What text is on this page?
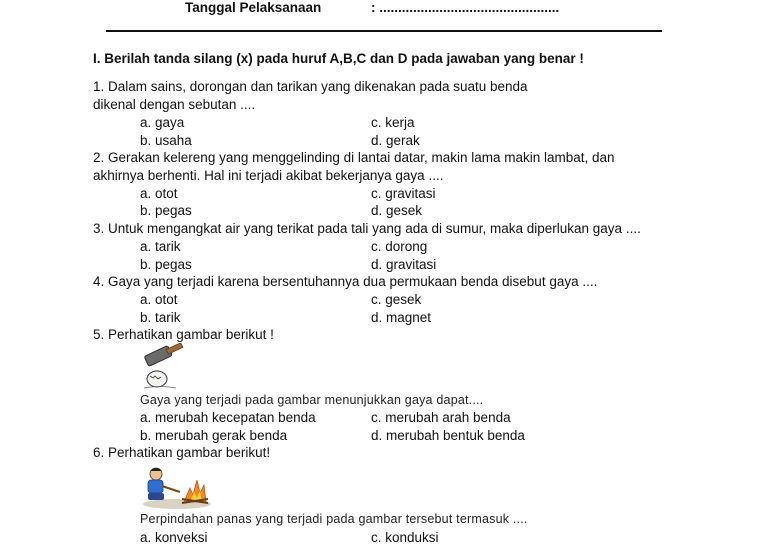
Tanggal Pelaksanaan	: ................................................
I. Berilah tanda silang (x) pada huruf A,B,C dan D pada jawaban yang benar !
1. Dalam sains, dorongan dan tarikan yang dikenakan pada suatu benda
dikenal dengan sebutan ....
a. gaya
b. usaha
c. kerja
d. gerak
2. Gerakan kelereng yang menggelinding di lantai datar, makin lama makin lambat, dan
akhirnya berhenti. Hal ini terjadi akibat bekerjanya gaya ....
a. otot
b. pegas
c. gravitasi
d. gesek
3. Untuk mengangkat air yang terikat pada tali yang ada di sumur, maka diperlukan gaya ....
a. tarik
b. pegas
c. dorong
d. gravitasi
4. Gaya yang terjadi karena bersentuhannya dua permukaan benda disebut gaya ....
a. otot
b. tarik
c. gesek
d. magnet
5. Perhatikan gambar berikut !
Gaya yang terjadi pada gambar menunjukkan gaya dapat....
a. merubah kecepatan benda
b. merubah gerak benda
c. merubah arah benda
d. merubah bentuk benda
6. Perhatikan gambar berikut!
Perpindahan panas yang terjadi pada gambar tersebut termasuk ....
a. konveksi	c. konduksi
